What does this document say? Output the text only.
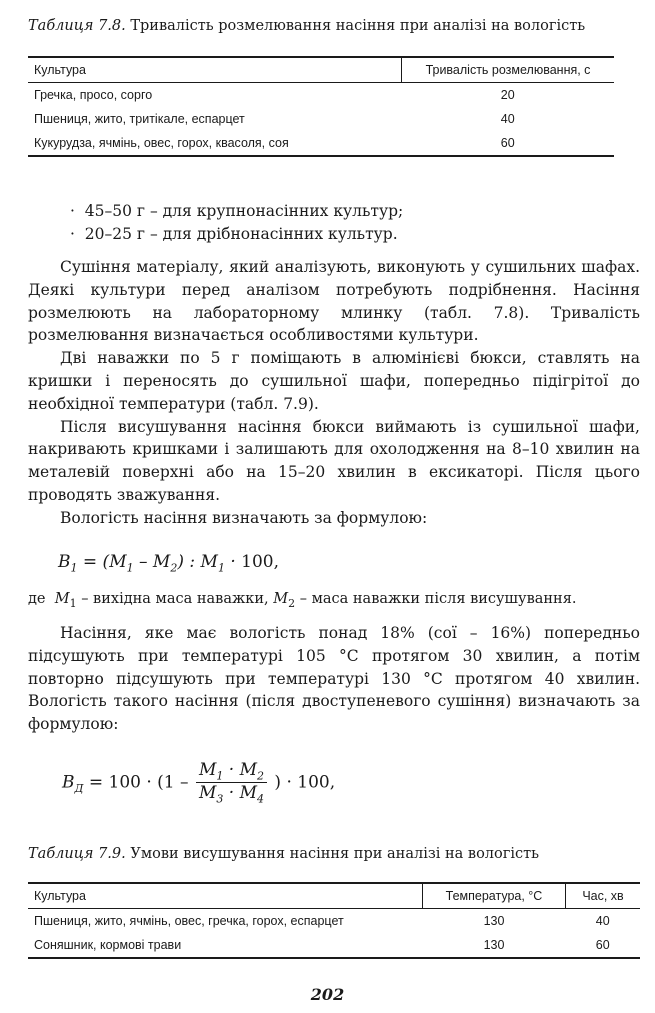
Таблиця 7.8. Тривалість розмелювання насіння при аналізі на вологість
Культура	Тривалість розмелювання, с
Гречка, просо, сорго	20
Пшениця, жито, тритікале, еспарцет	40
Кукурудза, ячмінь, овес, горох, квасоля, соя	60
·  45–50 г – для крупнонасінних культур;
·  20–25 г – для дрібнонасінних культур.

Сушіння матеріалу, який аналізують, виконують у сушильних шафах. Деякі культури перед аналізом потребують подрібнення. Насіння розмелюють на лабораторному млинку (табл. 7.8). Тривалість розмелювання визначається особливостями культури.

Дві наважки по 5 г поміщають в алюмінієві бюкси, ставлять на кришки і переносять до сушильної шафи, попередньо підігрітої до необхідної температури (табл. 7.9).

Після висушування насіння бюкси виймають із сушильної шафи, накривають кришками і залишають для охолодження на 8–10 хвилин на металевій поверхні або на 15–20 хвилин в ексикаторі. Після цього проводять зважування.

Вологість насіння визначають за формулою:

$В_1 = (М_1 - М_2)$ : $М_1 \cdot 100$,
де $М_1$ – вихідна маса наважки, $М_2$ – маса наважки після висушування.

Насіння, яке має вологість понад 18% (сої – 16%) попередньо підсушують при температурі 105 °С протягом 30 хвилин, а потім повторно підсушують при температурі 130 °С протягом 40 хвилин. Вологість такого насіння (після двоступеневого сушіння) визначають за формулою:

$В_Д = 100 \cdot (1 - \frac{М_1 \cdot М_2}{М_3 \cdot М_4}$ ) · 100,
Таблиця 7.9. Умови висушування насіння при аналізі на вологість
Культура	Температура, °С	Час, хв
Пшениця, жито, ячмінь, овес, гречка, горох, еспарцет	130	40
Соняшник, кормові трави	130	60
202
